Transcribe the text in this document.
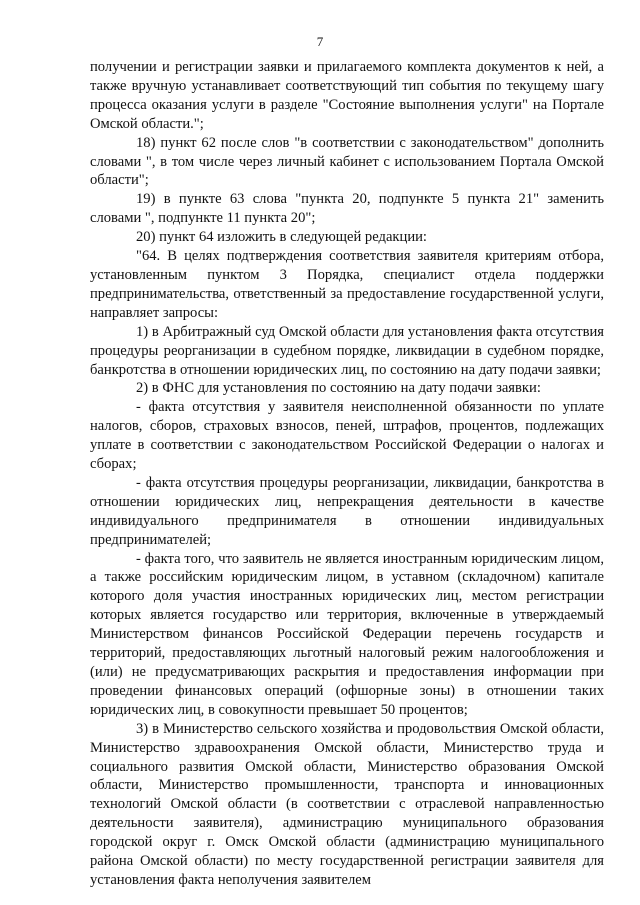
7

получении и регистрации заявки и прилагаемого комплекта документов к ней, а также вручную устанавливает соответствующий тип события по текущему шагу процесса оказания услуги в разделе "Состояние выполнения услуги" на Портале Омской области.";

18) пункт 62 после слов "в соответствии с законодательством" дополнить словами ", в том числе через личный кабинет с использованием Портала Омской области";

19) в пункте 63 слова "пункта 20, подпункте 5 пункта 21" заменить словами ", подпункте 11 пункта 20";

20) пункт 64 изложить в следующей редакции:

"64. В целях подтверждения соответствия заявителя критериям отбора, установленным пунктом 3 Порядка, специалист отдела поддержки предпринимательства, ответственный за предоставление государственной услуги, направляет запросы:

1) в Арбитражный суд Омской области для установления факта отсутствия процедуры реорганизации в судебном порядке, ликвидации в судебном порядке, банкротства в отношении юридических лиц, по состоянию на дату подачи заявки;

2) в ФНС для установления по состоянию на дату подачи заявки:

- факта отсутствия у заявителя неисполненной обязанности по уплате налогов, сборов, страховых взносов, пеней, штрафов, процентов, подлежащих уплате в соответствии с законодательством Российской Федерации о налогах и сборах;

- факта отсутствия процедуры реорганизации, ликвидации, банкротства в отношении юридических лиц, непрекращения деятельности в качестве индивидуального предпринимателя в отношении индивидуальных предпринимателей;

- факта того, что заявитель не является иностранным юридическим лицом, а также российским юридическим лицом, в уставном (складочном) капитале которого доля участия иностранных юридических лиц, местом регистрации которых является государство или территория, включенные в утверждаемый Министерством финансов Российской Федерации перечень государств и территорий, предоставляющих льготный налоговый режим налогообложения и (или) не предусматривающих раскрытия и предоставления информации при проведении финансовых операций (офшорные зоны) в отношении таких юридических лиц, в совокупности превышает 50 процентов;

3) в Министерство сельского хозяйства и продовольствия Омской области, Министерство здравоохранения Омской области, Министерство труда и социального развития Омской области, Министерство образования Омской области, Министерство промышленности, транспорта и инновационных технологий Омской области (в соответствии с отраслевой направленностью деятельности заявителя), администрацию муниципального образования городской округ г. Омск Омской области (администрацию муниципального района Омской области) по месту государственной регистрации заявителя для установления факта неполучения заявителем
